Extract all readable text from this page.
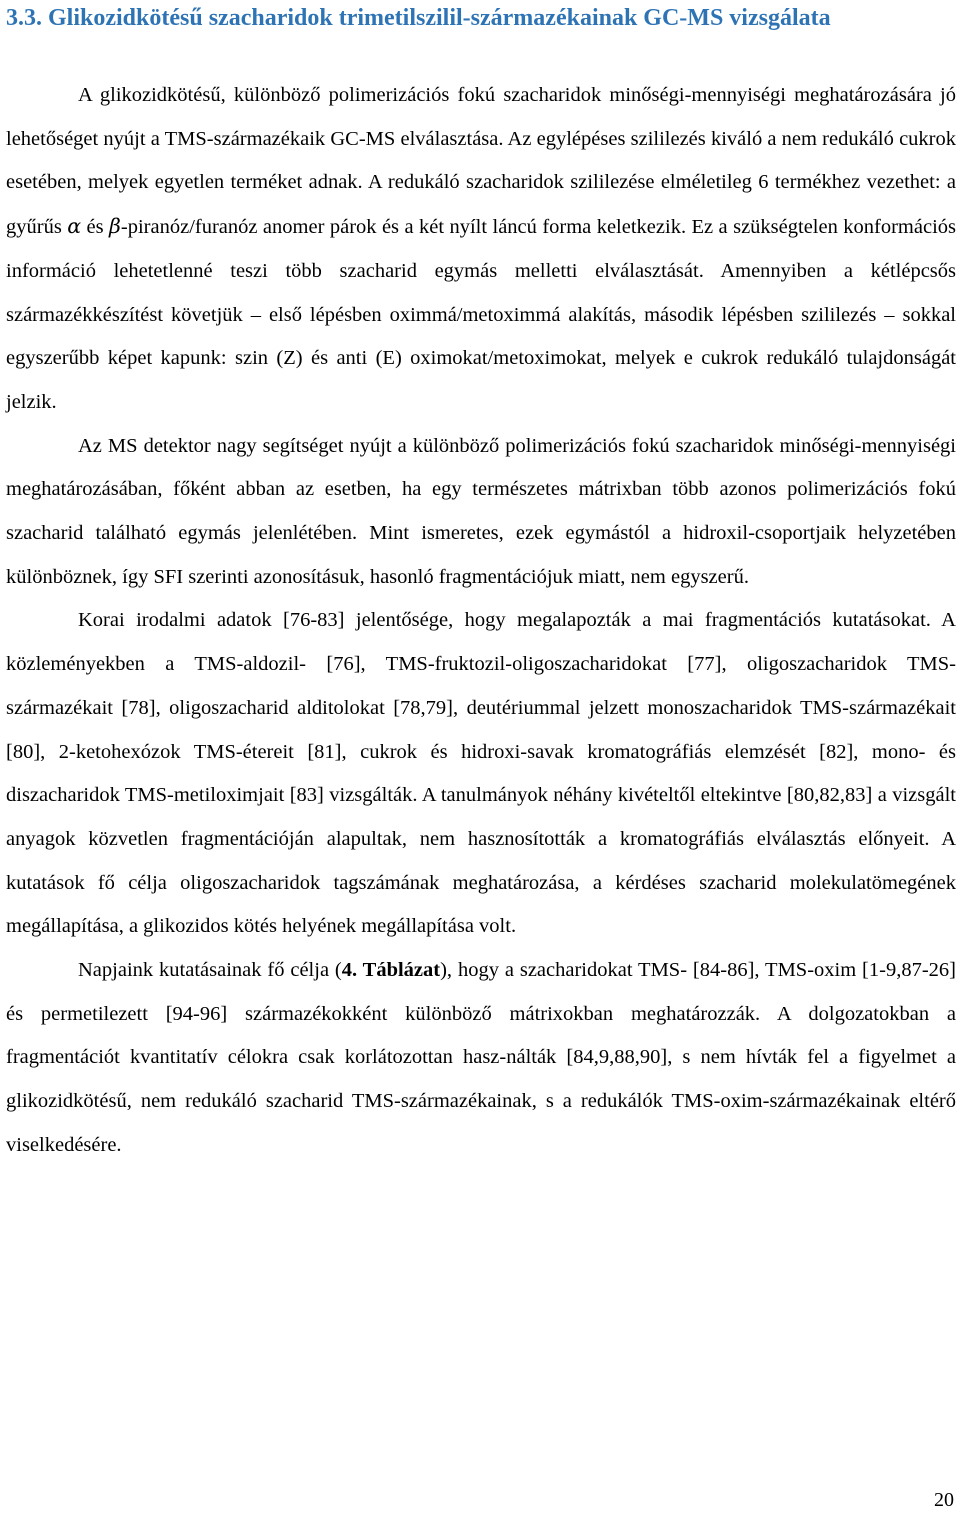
3.3. Glikozidkötésű szacharidok trimetilszilil-származékainak GC-MS vizsgálata

A glikozidkötésű, különböző polimerizációs fokú szacharidok minőségi-mennyiségi meghatározására jó lehetőséget nyújt a TMS-származékaik GC-MS elválasztása. Az egylépéses szililezés kiváló a nem redukáló cukrok esetében, melyek egyetlen terméket adnak. A redukáló szacharidok szililezése elméletileg 6 termékhez vezethet: a gyűrűs α és β-piranóz/furanóz anomer párok és a két nyílt láncú forma keletkezik. Ez a szükségtelen konformációs információ lehetetlenné teszi több szacharid egymás melletti elválasztását. Amennyiben a kétlépcsős származékkészítést követjük – első lépésben oximmá/metoximmá alakítás, második lépésben szililezés – sokkal egyszerűbb képet kapunk: szin (Z) és anti (E) oximokat/metoximokat, melyek e cukrok redukáló tulajdonságát jelzik.

Az MS detektor nagy segítséget nyújt a különböző polimerizációs fokú szacharidok minőségi-mennyiségi meghatározásában, főként abban az esetben, ha egy természetes mátrixban több azonos polimerizációs fokú szacharid található egymás jelenlétében. Mint ismeretes, ezek egymástól a hidroxil-csoportjaik helyzetében különböznek, így SFI szerinti azonosításuk, hasonló fragmentációjuk miatt, nem egyszerű.

Korai irodalmi adatok [76-83] jelentősége, hogy megalapozták a mai fragmentációs kutatásokat. A közleményekben a TMS-aldozil- [76], TMS-fruktozil-oligoszacharidokat [77], oligoszacharidok TMS-származékait [78], oligoszacharid alditolokat [78,79], deutériummal jelzett monoszacharidok TMS-származékait [80], 2-ketohexózok TMS-étereit [81], cukrok és hidroxi-savak kromatográfiás elemzését [82], mono- és diszacharidok TMS-metiloximjait [83] vizsgálták. A tanulmányok néhány kivételtől eltekintve [80,82,83] a vizsgált anyagok közvetlen fragmentációján alapultak, nem hasznosították a kromatográfiás elválasztás előnyeit. A kutatások fő célja oligoszacharidok tagszámának meghatározása, a kérdéses szacharid molekulatömegének megállapítása, a glikozidos kötés helyének megállapítása volt.

Napjaink kutatásainak fő célja (4. Táblázat), hogy a szacharidokat TMS- [84-86], TMS-oxim [1-9,87-26] és permetilezett [94-96] származékokként különböző mátrixokban meghatározzák. A dolgozatokban a fragmentációt kvantitatív célokra csak korlátozottan hasz-nálták [84,9,88,90], s nem hívták fel a figyelmet a glikozidkötésű, nem redukáló szacharid TMS-származékainak, s a redukálók TMS-oxim-származékainak eltérő viselkedésére.

20
